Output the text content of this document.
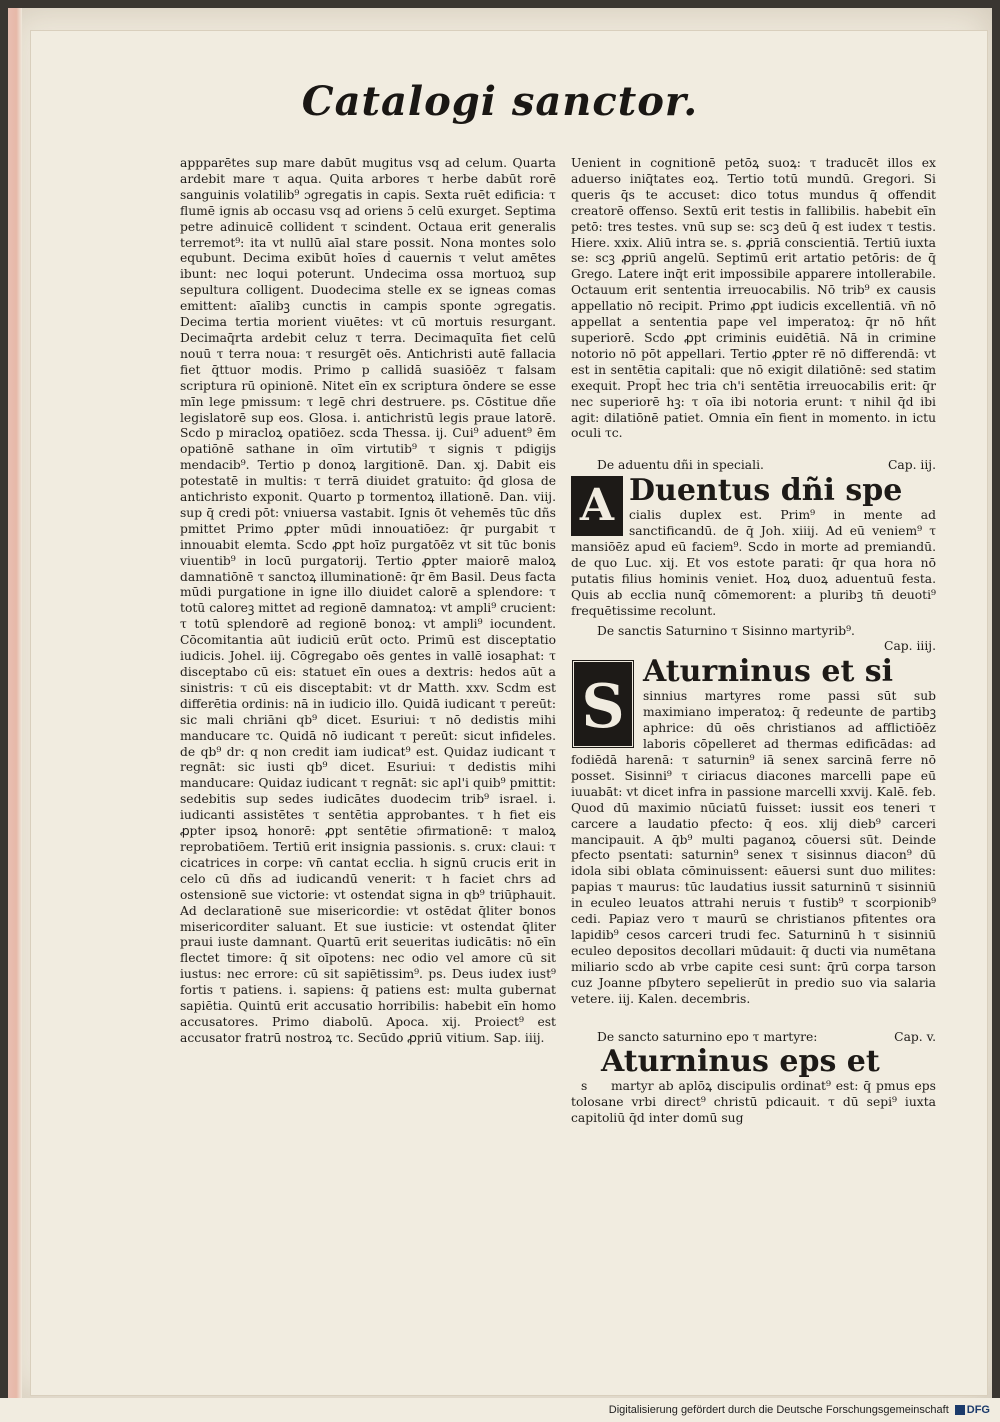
Catalogi sanctor.

appparētes sup mare dabūt mugitus vsq ad celum. Quarta ardebit mare τ aqua. Quita arbores τ herbe dabūt rorē sanguinis volatilib⁹ ɔgregatis in capis. Sexta ruēt edificia: τ flumē ignis ab occasu vsq ad oriens ɔ̄ celū exurget. Septima petre adinuicē collident τ scindent. Octaua erit generalis terremot⁹: ita vt nullū aīal stare possit. Nona montes solo equbunt. Decima exibūt hoīes ḋ cauernis τ velut amētes ibunt: nec loqui poterunt. Undecima ossa mortuoꝝ sup sepultura colligent. Duodecima stelle ex se igneas comas emittent: aīalibꝫ cunctis in campis sponte ɔgregatis. Decima tertia morient viuētes: vt cū mortuis resurgant. Decimaq̄rta ardebit celuz τ terra. Decimaquīta fiet celū nouū τ terra noua: τ resurgēt oēs. Antichristi autē fallacia fiet q̄ttuor modis. Primo p callidā suasiōēz τ falsam scriptura rū opinionē. Nitet eīn ex scriptura ōndere se esse mīn lege pmissum: τ legē chri destruere. ps. Cōstitue dñe legislatorē sup eos. Glosa. i. antichristū legis praue latorē. Scdo p miracloꝝ opatiōez. scda Thessa. ij. Cui⁹ aduent⁹ ēm opatiōnē sathane in oīm virtutib⁹ τ signis τ pdigijs mendacib⁹. Tertio p donoꝝ largitionē. Dan. xj. Dabit eis potestatē in multis: τ terrā diuidet gratuito: q̄d glosa de antichristo exponit. Quarto p tormentoꝝ illationē. Dan. viij. sup q̄ credi pōt: vniuersa vastabit. Ignis ōt vehemēs tūc dñs pmittet Primo ꝓpter mūdi innouatiōez: q̄r purgabit τ innouabit elemta. Scdo ꝓpt hoīz purgatōēz vt sit tūc bonis viuentib⁹ in locū purgatorij. Tertio ꝓpter maiorē maloꝝ damnatiōnē τ sanctoꝝ illuminationē: q̄r ēm Basil. Deus facta mūdi purgatione in igne illo diuidet calorē a splendore: τ totū caloreꝫ mittet ad regionē damnatoꝝ: vt ampli⁹ crucient: τ totū splendorē ad regionē bonoꝝ: vt ampli⁹ iocundent. Cōcomitantia aūt iudiciū erūt octo. Primū est disceptatio iudicis. Johel. iij. Cōgregabo oēs gentes in vallē iosaphat: τ disceptabo cū eis: statuet eīn oues a dextris: hedos aūt a sinistris: τ cū eis disceptabit: vt dr Matth. xxv. Scdm est differētia ordinis: nā in iudicio illo. Quidā iudicant τ pereūt: sic mali chriāni qb⁹ dicet. Esuriui: τ nō dedistis mihi manducare τc. Quidā nō iudicant τ pereūt: sicut infideles. de qb⁹ dr: q non credit iam iudicat⁹ est. Quidaz iudicant τ regnāt: sic iusti qb⁹ dicet. Esuriui: τ dedistis mihi manducare: Quidaz iudicant τ regnāt: sic apl'i quib⁹ pmittit: sedebitis sup sedes iudicātes duodecim trib⁹ israel. i. iudicanti assistētes τ sentētia approbantes. τ h fiet eis ꝓpter ipsoꝝ honorē: ꝓpt sentētie ɔfirmationē: τ maloꝝ reprobatiōem. Tertiū erit insignia passionis. s. crux: claui: τ cicatrices in corpe: vn̄ cantat ecclia. h signū crucis erit in celo cū dñs ad iudicandū venerit: τ h faciet chrs ad ostensionē sue victorie: vt ostendat signa in qb⁹ triūphauit. Ad declarationē sue misericordie: vt ostēdat q̄liter bonos misericorditer saluant. Et sue iusticie: vt ostendat q̄liter praui iuste damnant. Quartū erit seueritas iudicātis: nō eīn flectet timore: q̄ sit oīpotens: nec odio vel amore cū sit iustus: nec errore: cū sit sapiētissim⁹. ps. Deus iudex iust⁹ fortis τ patiens. i. sapiens: q̄ patiens est: multa gubernat sapiētia. Quintū erit accusatio horribilis: habebit eīn homo accusatores. Primo diabolū. Apoca. xij. Proiect⁹ est accusator fratrū nostroꝝ τc. Secūdo ꝓpriū vitium. Sap. iiij.

Uenient in cognitionē petōꝝ suoꝝ: τ traducēt illos ex aduerso iniq̄tates eoꝝ. Tertio totū mundū. Gregori. Si queris q̄s te accuset: dico totus mundus q̄ offendit creatorē offenso. Sextū erit testis in fallibilis. habebit eīn petō: tres testes. vnū sup se: scꝫ deū q̄ est iudex τ testis. Hiere. xxix. Aliū intra se. s. ꝓpriā conscientiā. Tertiū iuxta se: scꝫ ꝓpriū angelū. Septimū erit artatio petōris: de q̄ Grego. Latere inq̄t erit impossibile apparere intollerabile. Octauum erit sententia irreuocabilis. Nō trib⁹ ex causis appellatio nō recipit. Primo ꝓpt iudicis excellentiā. vn̄ nō appellat a sententia pape vel imperatoꝝ: q̄r nō hñt superiorē. Scdo ꝓpt criminis euidētiā. Nā in crimine notorio nō pōt appellari. Tertio ꝓpter rē nō differendā: vt est in sentētia capitali: que nō exigit dilatiōnē: sed statim exequit. Propt̄ hec tria ch'i sentētia irreuocabilis erit: q̄r nec superiorē hꝫ: τ oīa ibi notoria erunt: τ nihil q̄d ibi agit: dilatiōnē patiet. Omnia eīn fient in momento. in ictu oculi τc.

De aduentu dñi in speciali.	Cap. iij.

A Duentus dñi spe

cialis duplex est. Prim⁹ in mente ad sanctificandū. de q̄ Joh. xiiij. Ad eū veniem⁹ τ mansiōēz apud eū faciem⁹. Scdo in morte ad premiandū. de quo Luc. xij. Et vos estote parati: q̄r qua hora nō putatis filius hominis veniet. Hoꝝ duoꝝ aduentuū festa. Quis ab ecclia nunq̄ cōmemorent: a pluribꝫ tn̄ deuoti⁹ frequētissime recolunt.

De sanctis Saturnino τ Sisinno martyrib⁹.

Cap. iiij.

S

Aturninus et si

sinnius martyres rome passi sūt sub maximiano imperatoꝝ: q̄ redeunte de partibꝫ aphrice: dū oēs christianos ad afflictiōēz laboris cōpelleret ad thermas edificādas: ad fodiēdā harenā: τ saturnin⁹ iā senex sarcinā ferre nō posset. Sisinni⁹ τ ciriacus diacones marcelli pape eū iuuabāt: vt dicet infra in passione marcelli xxvij. Kalē. feb. Quod dū maximio nūciatū fuisset: iussit eos teneri τ carcere a laudatio pfecto: q̄ eos. xlij dieb⁹ carceri mancipauit. A q̄b⁹ multi paganoꝝ cōuersi sūt. Deinde pfecto psentati: saturnin⁹ senex τ sisinnus diacon⁹ dū idola sibi oblata cōminuissent: eāuersi sunt duo milites: papias τ maurus: tūc laudatius iussit saturninū τ sisinniū in eculeo leuatos attrahi neruis τ fustib⁹ τ scorpionib⁹ cedi. Papiaz vero τ maurū se christianos pfitentes ora lapidib⁹ cesos carceri trudi fec. Saturninū h τ sisinniū eculeo depositos decollari mūdauit: q̄ ducti via numētana miliario scdo ab vrbe capite cesi sunt: q̄rū corpa tarson cuz Joanne pſbytero sepelierūt in predio suo via salaria vetere. iij. Kalen. decembris.

De sancto saturnino epo τ martyre:	Cap. v.

Aturninus eps et

s martyr ab aplōꝝ discipulis ordinat⁹ est: q̄ pmus eps tolosane vrbi direct⁹ christū pdicauit. τ dū sepi⁹ iuxta capitoliū q̄d inter domū sug

Digitalisierung gefördert durch die Deutsche Forschungsgemeinschaft DFG
